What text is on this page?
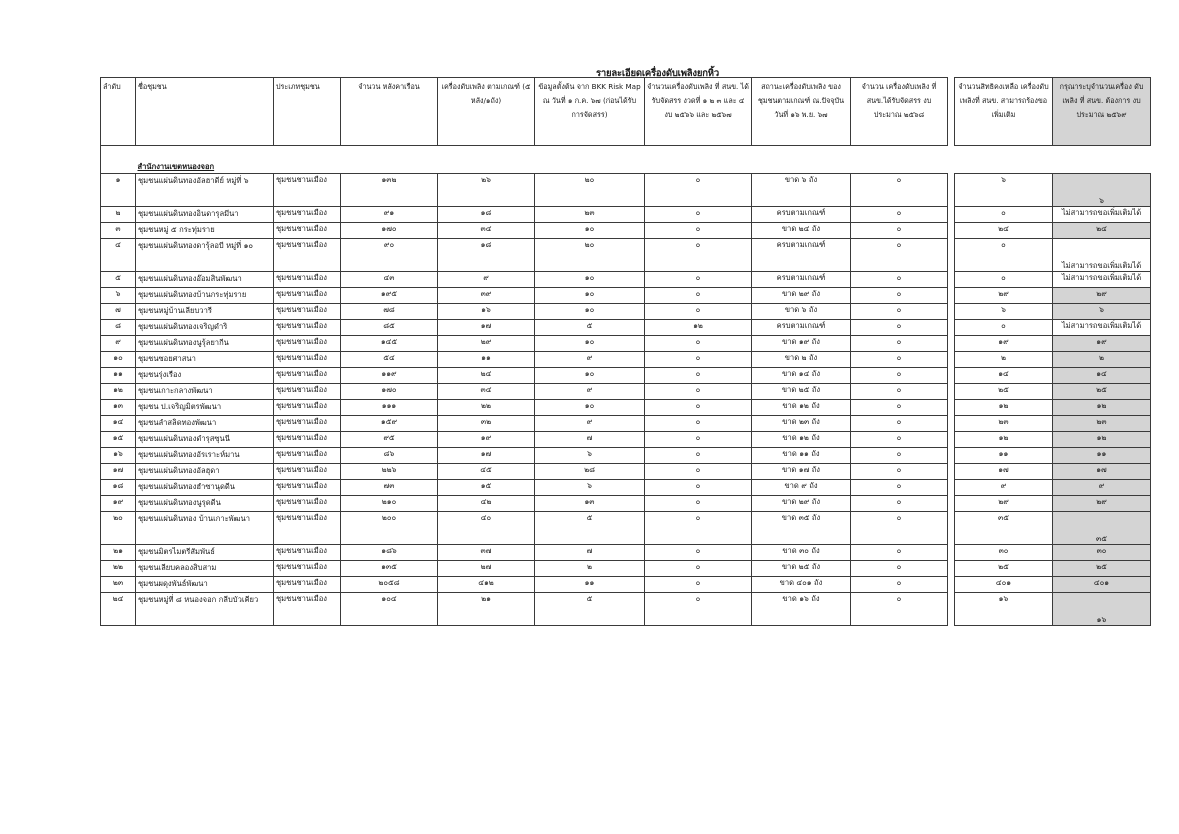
รายละเอียดเครื่องดับเพลิงยกหิ้ว
ลำดับ	ชื่อชุมชน	ประเภทชุมชน	จำนวน หลังคาเรือน	เครื่องดับเพลิง ตามเกณฑ์ (๕ หลัง/๑ถัง)	ข้อมูลตั้งต้น จาก BKK Risk Map ณ วันที่ ๑ ก.ค. ๖๗ (ก่อนได้รับการจัดสรร)	จำนวนเครื่องดับเพลิง ที่ สนข. ได้รับจัดสรร งวดที่ ๑ ๒ ๓ และ ๔ งบ ๒๕๖๖ และ ๒๕๖๗	สถานะเครื่องดับเพลิง ของชุมชนตามเกณฑ์ ณ.ปัจจุบัน วันที่ ๑๖ พ.ย. ๖๗	จำนวน เครื่องดับเพลิง ที่ สนข.ได้รับจัดสรร งบประมาณ ๒๕๖๘		จำนวนสิทธิคงเหลือ เครื่องดับเพลิงที่ สนข. สามารถร้องขอเพิ่มเติม	กรุณาระบุจำนวนเครื่อง ดับเพลิง ที่ สนข. ต้องการ งบประมาณ ๒๕๖๙

	สำนักงานเขตหนองจอก										
๑	ชุมชนแผ่นดินทองอัลฮาดีย์ หมู่ที่ ๖	ชุมชนชานเมือง	๑๓๒	๒๖	๒๐	๐	ขาด ๖ ถัง	๐		๖	๖
๒	ชุมชนแผ่นดินทองอินดารุลมีนา	ชุมชนชานเมือง	๙๑	๑๘	๒๓	๐	ครบตามเกณฑ์	๐		๐	ไม่สามารถขอเพิ่มเติมได้
๓	ชุมชนหมู่ ๕ กระทุ่มราย	ชุมชนชานเมือง	๑๗๐	๓๔	๑๐	๐	ขาด ๒๔ ถัง	๐		๒๔	๒๔
๔	ชุมชนแผ่นดินทองดารุ้ลอบี หมู่ที่ ๑๐	ชุมชนชานเมือง	๙๐	๑๘	๒๐	๐	ครบตามเกณฑ์	๐		๐	ไม่สามารถขอเพิ่มเติมได้
๕	ชุมชนแผ่นดินทองอ๊อมสินพัฒนา	ชุมชนชานเมือง	๔๓	๙	๑๐	๐	ครบตามเกณฑ์	๐		๐	ไม่สามารถขอเพิ่มเติมได้
๖	ชุมชนแผ่นดินทองบ้านกระทุ่มราย	ชุมชนชานเมือง	๑๙๕	๓๙	๑๐	๐	ขาด ๒๙ ถัง	๐		๒๙	๒๙
๗	ชุมชนหมู่บ้านเลียบวารี	ชุมชนชานเมือง	๗๘	๑๖	๑๐	๐	ขาด ๖ ถัง	๐		๖	๖
๘	ชุมชนแผ่นดินทองเจริญดำริ	ชุมชนชานเมือง	๘๕	๑๗	๕	๑๒	ครบตามเกณฑ์	๐		๐	ไม่สามารถขอเพิ่มเติมได้
๙	ชุมชนแผ่นดินทองนูรุ้ลยากีน	ชุมชนชานเมือง	๑๔๕	๒๙	๑๐	๐	ขาด ๑๙ ถัง	๐		๑๙	๑๙
๑๐	ชุมชนซอยศาสนา	ชุมชนชานเมือง	๕๔	๑๑	๙	๐	ขาด ๒ ถัง	๐		๒	๒
๑๑	ชุมชนรุ่งเรือง	ชุมชนชานเมือง	๑๑๙	๒๔	๑๐	๐	ขาด ๑๔ ถัง	๐		๑๔	๑๔
๑๒	ชุมชนเกาะกลางพัฒนา	ชุมชนชานเมือง	๑๗๐	๓๔	๙	๐	ขาด ๒๕ ถัง	๐		๒๕	๒๕
๑๓	ชุมชน ป.เจริญมิตรพัฒนา	ชุมชนชานเมือง	๑๑๑	๒๒	๑๐	๐	ขาด ๑๒ ถัง	๐		๑๒	๑๒
๑๔	ชุมชนลำสลิดทองพัฒนา	ชุมชนชานเมือง	๑๕๙	๓๒	๙	๐	ขาด ๒๓ ถัง	๐		๒๓	๒๓
๑๕	ชุมชนแผ่นดินทองดำรุสซุนนี	ชุมชนชานเมือง	๙๕	๑๙	๗	๐	ขาด ๑๒ ถัง	๐		๑๒	๑๒
๑๖	ชุมชนแผ่นดินทองอัรเราะห์มาน	ชุมชนชานเมือง	๘๖	๑๗	๖	๐	ขาด ๑๑ ถัง	๐		๑๑	๑๑
๑๗	ชุมชนแผ่นดินทองอัลฮุดา	ชุมชนชานเมือง	๒๒๖	๔๕	๒๘	๐	ขาด ๑๗ ถัง	๐		๑๗	๑๗
๑๘	ชุมชนแผ่นดินทองฮำซานุดดีน	ชุมชนชานเมือง	๗๓	๑๕	๖	๐	ขาด ๙ ถัง	๐		๙	๙
๑๙	ชุมชนแผ่นดินทองนูรุดดีน	ชุมชนชานเมือง	๒๑๐	๔๒	๑๓	๐	ขาด ๒๙ ถัง	๐		๒๙	๒๙
๒๐	ชุมชนแผ่นดินทอง บ้านเกาะพัฒนา	ชุมชนชานเมือง	๒๐๐	๔๐	๕	๐	ขาด ๓๕ ถัง	๐		๓๕	๓๕
๒๑	ชุมชนมิตรไมตรีสัมพันธ์	ชุมชนชานเมือง	๑๘๖	๓๗	๗	๐	ขาด ๓๐ ถัง	๐		๓๐	๓๐
๒๒	ชุมชนเลียบคลองสิบสาม	ชุมชนชานเมือง	๑๓๕	๒๗	๒	๐	ขาด ๒๕ ถัง	๐		๒๕	๒๕
๒๓	ชุมชนผดุงพันธ์พัฒนา	ชุมชนชานเมือง	๒๐๕๘	๔๑๒	๑๑	๐	ขาด ๔๐๑ ถัง	๐		๔๐๑	๔๐๑
๒๔	ชุมชนหมู่ที่ ๘ หนองจอก กลีบบัวเคียว	ชุมชนชานเมือง	๑๐๔	๒๑	๕	๐	ขาด ๑๖ ถัง	๐		๑๖	๑๖
